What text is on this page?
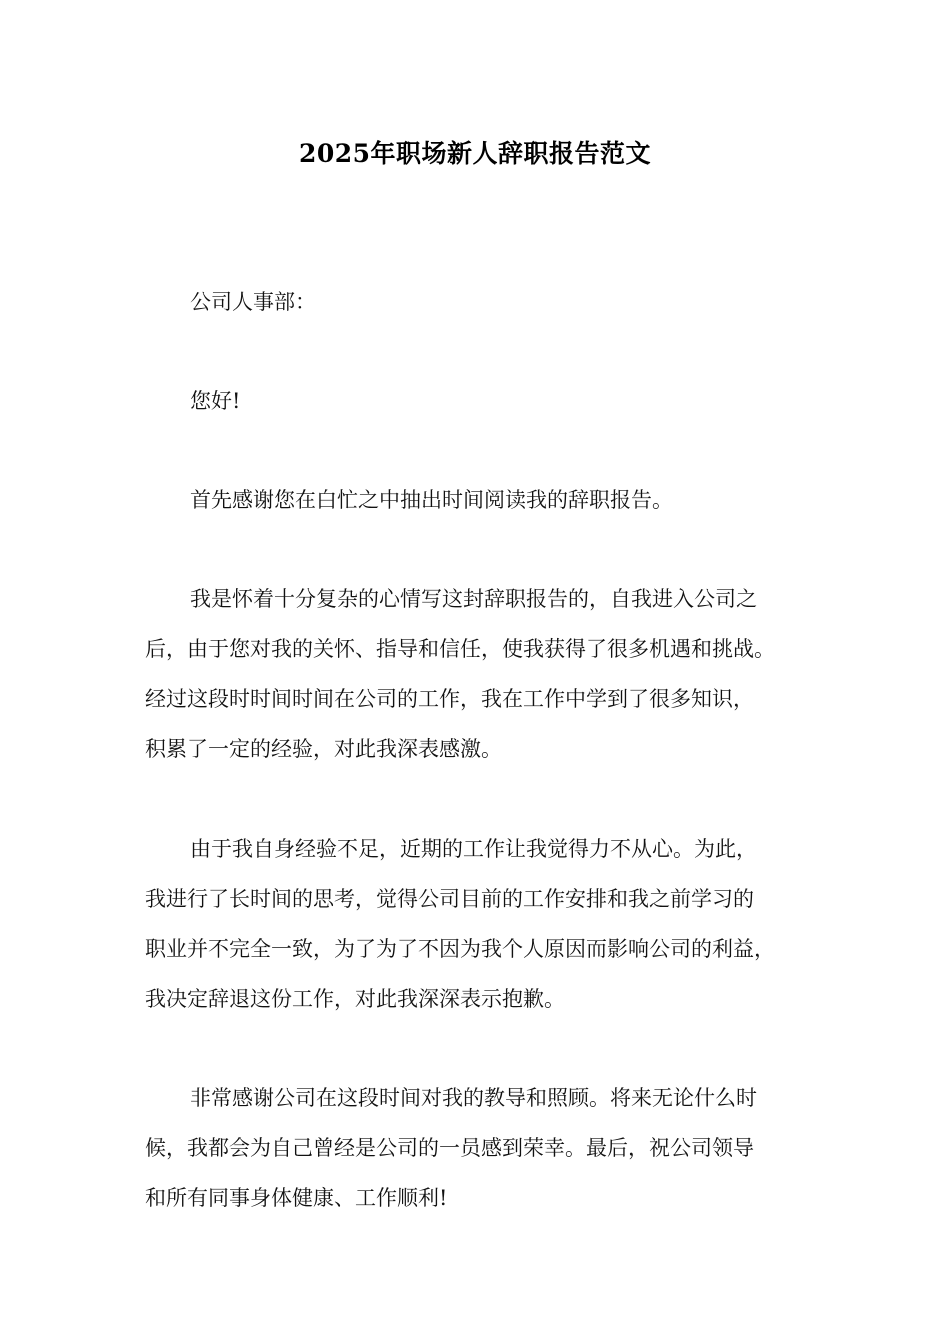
2025年职场新人辞职报告范文
公司人事部：
您好!
首先感谢您在白忙之中抽出时间阅读我的辞职报告。
我是怀着十分复杂的心情写这封辞职报告的，自我进入公司之
后，由于您对我的关怀、指导和信任，使我获得了很多机遇和挑战。
经过这段时时间时间在公司的工作，我在工作中学到了很多知识，
积累了一定的经验，对此我深表感激。
由于我自身经验不足，近期的工作让我觉得力不从心。为此，
我进行了长时间的思考，觉得公司目前的工作安排和我之前学习的
职业并不完全一致，为了为了不因为我个人原因而影响公司的利益，
我决定辞退这份工作，对此我深深表示抱歉。
非常感谢公司在这段时间对我的教导和照顾。将来无论什么时
候，我都会为自己曾经是公司的一员感到荣幸。最后，祝公司领导
和所有同事身体健康、工作顺利!
